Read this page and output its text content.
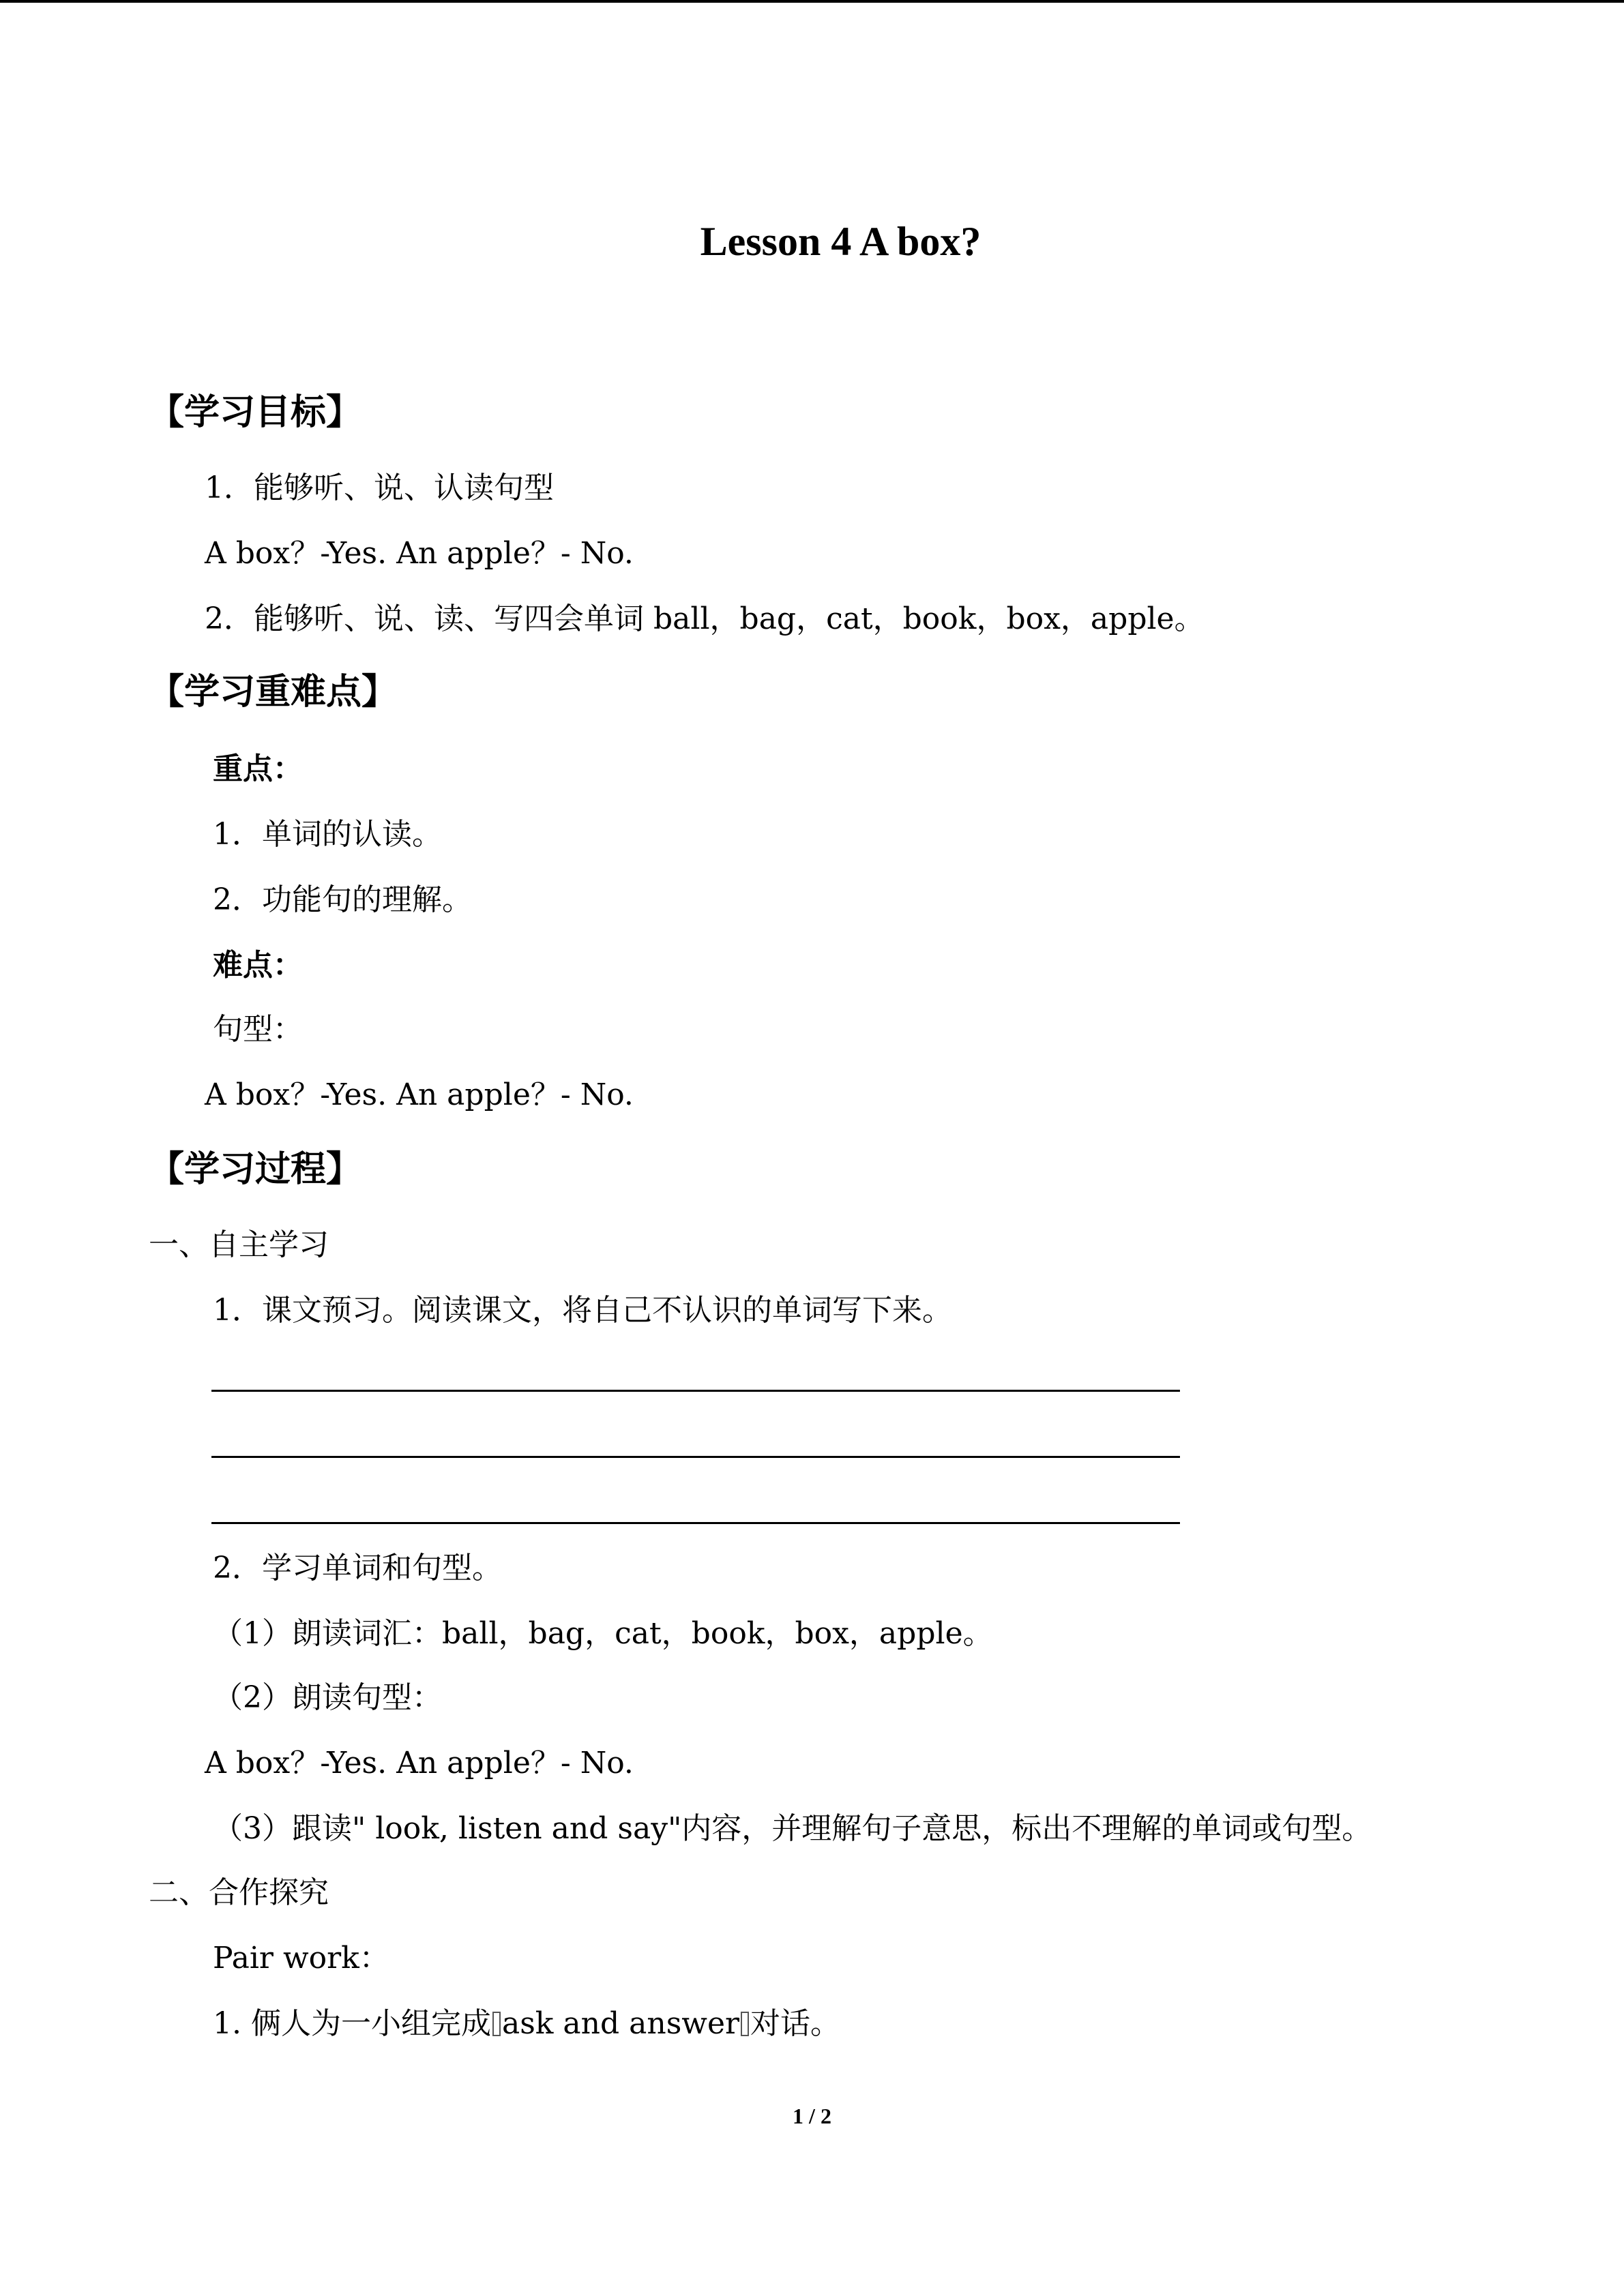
Lesson 4 A box?
【学习目标】
1．能够听、说、认读句型
A box？-Yes. An apple？- No.
2．能够听、说、读、写四会单词 ball，bag，cat，book，box，apple。
【学习重难点】
重点：
1．单词的认读。
2．功能句的理解。
难点：
句型：
A box？-Yes. An apple？- No.
【学习过程】
一、自主学习
1．课文预习。阅读课文，将自己不认识的单词写下来。
2．学习单词和句型。
（1）朗读词汇：ball，bag，cat，book，box，apple。
（2）朗读句型：
A box？-Yes. An apple？- No.
（3）跟读" look, listen and say"内容，并理解句子意思，标出不理解的单词或句型。
二、合作探究
Pair work：
1. 俩人为一小组完成 ask and answer 对话。
1 / 2
